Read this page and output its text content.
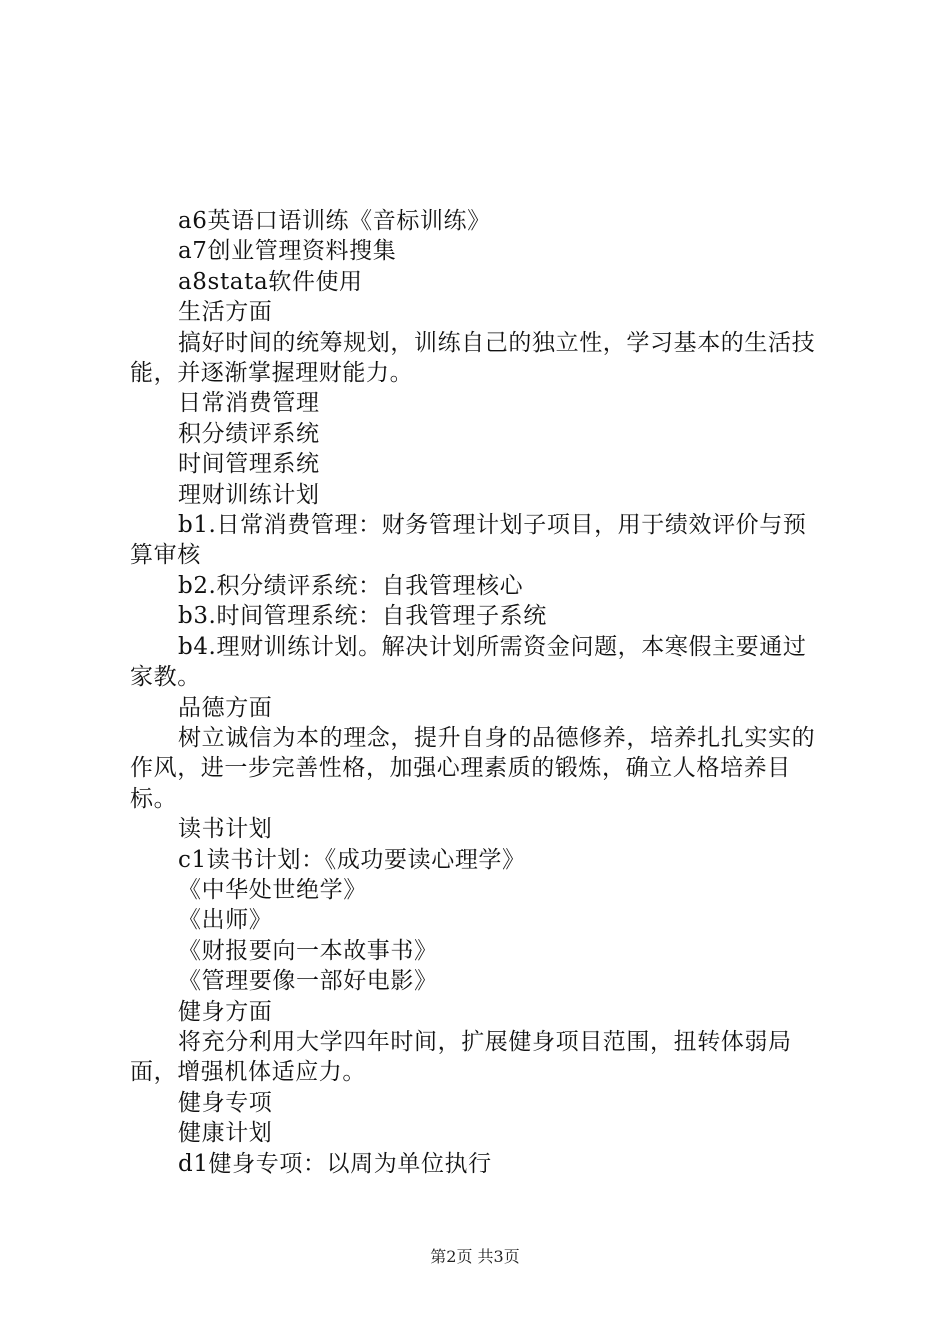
a6英语口语训练《音标训练》

a7创业管理资料搜集

a8stata软件使用

生活方面

搞好时间的统筹规划，训练自己的独立性，学习基本的生活技能，并逐渐掌握理财能力。

日常消费管理

积分绩评系统

时间管理系统

理财训练计划

b1.日常消费管理：财务管理计划子项目，用于绩效评价与预算审核

b2.积分绩评系统：自我管理核心

b3.时间管理系统：自我管理子系统

b4.理财训练计划。解决计划所需资金问题，本寒假主要通过家教。

品德方面

树立诚信为本的理念，提升自身的品德修养，培养扎扎实实的作风，进一步完善性格，加强心理素质的锻炼，确立人格培养目标。

读书计划

c1读书计划：《成功要读心理学》

《中华处世绝学》

《出师》

《财报要向一本故事书》

《管理要像一部好电影》

健身方面

将充分利用大学四年时间，扩展健身项目范围，扭转体弱局面，增强机体适应力。

健身专项

健康计划

d1健身专项：以周为单位执行

第2页 共3页
